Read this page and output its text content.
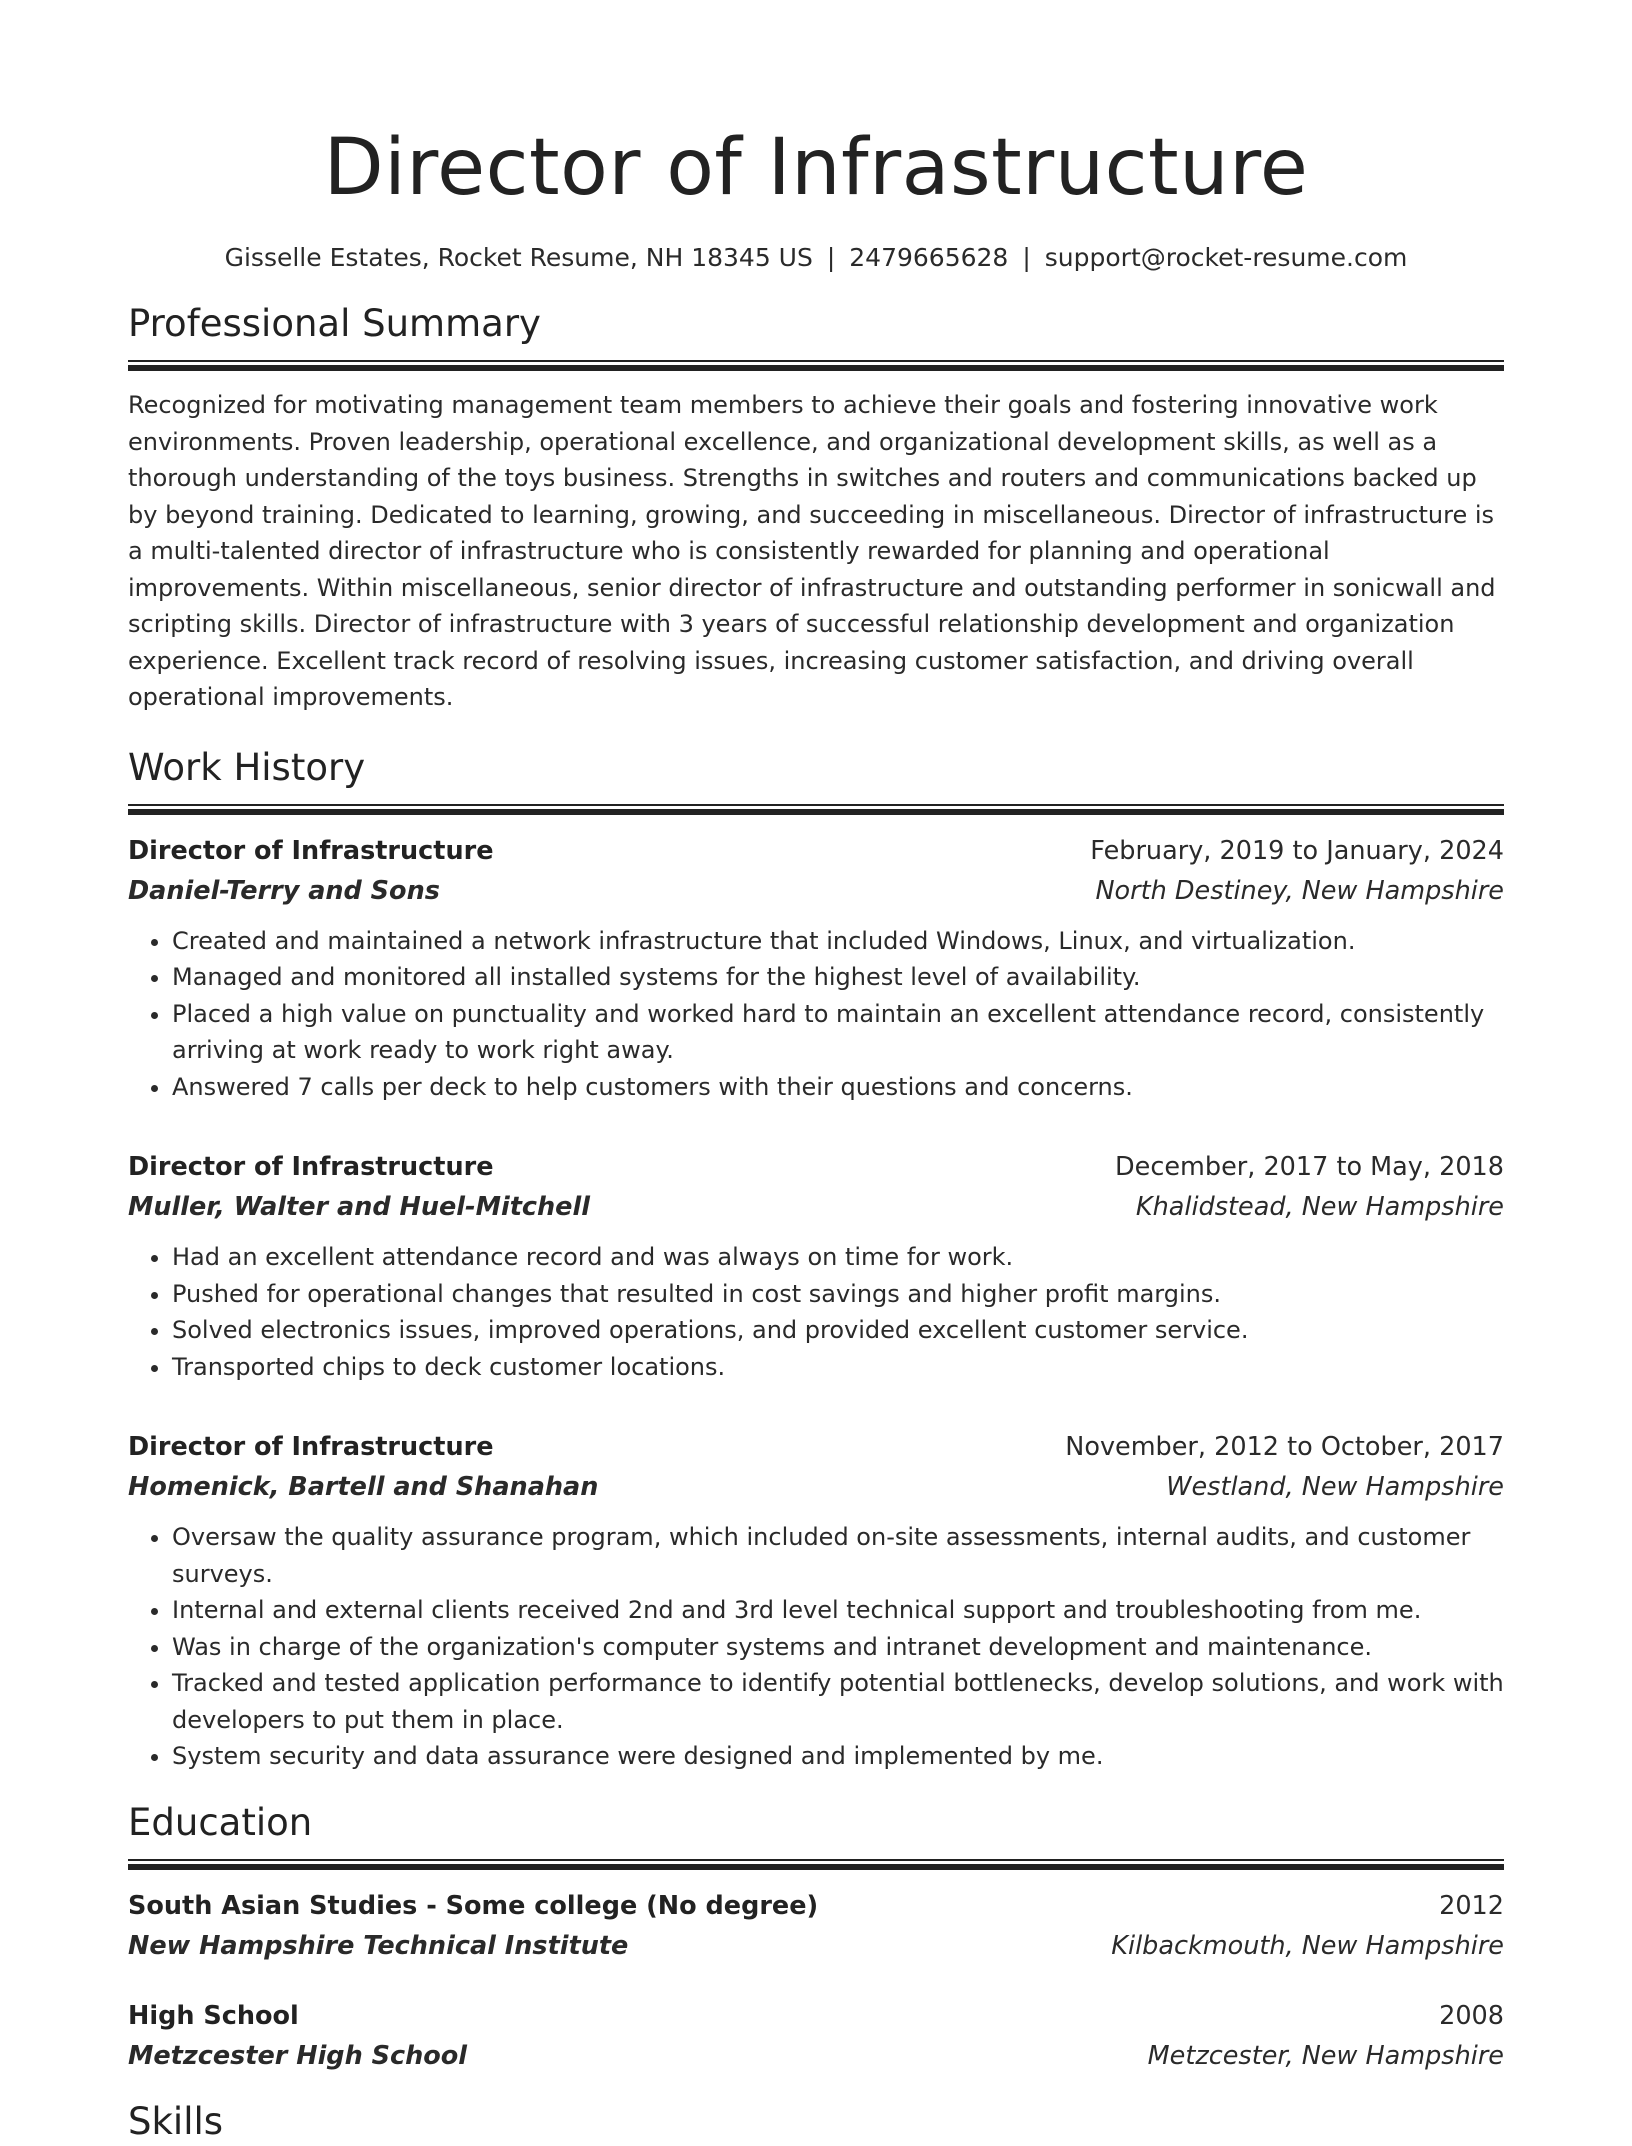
Director of Infrastructure
Gisselle Estates, Rocket Resume, NH 18345 US | 2479665628 | support@rocket-resume.com
Professional Summary
Recognized for motivating management team members to achieve their goals and fostering innovative work environments. Proven leadership, operational excellence, and organizational development skills, as well as a thorough understanding of the toys business. Strengths in switches and routers and communications backed up by beyond training. Dedicated to learning, growing, and succeeding in miscellaneous. Director of infrastructure is a multi-talented director of infrastructure who is consistently rewarded for planning and operational improvements. Within miscellaneous, senior director of infrastructure and outstanding performer in sonicwall and scripting skills. Director of infrastructure with 3 years of successful relationship development and organization experience. Excellent track record of resolving issues, increasing customer satisfaction, and driving overall operational improvements.
Work History
Director of Infrastructure	February, 2019 to January, 2024
Daniel-Terry and Sons	North Destiney, New Hampshire
• Created and maintained a network infrastructure that included Windows, Linux, and virtualization.
• Managed and monitored all installed systems for the highest level of availability.
• Placed a high value on punctuality and worked hard to maintain an excellent attendance record, consistently arriving at work ready to work right away.
• Answered 7 calls per deck to help customers with their questions and concerns.
Director of Infrastructure	December, 2017 to May, 2018
Muller, Walter and Huel-Mitchell	Khalidstead, New Hampshire
• Had an excellent attendance record and was always on time for work.
• Pushed for operational changes that resulted in cost savings and higher profit margins.
• Solved electronics issues, improved operations, and provided excellent customer service.
• Transported chips to deck customer locations.
Director of Infrastructure	November, 2012 to October, 2017
Homenick, Bartell and Shanahan	Westland, New Hampshire
• Oversaw the quality assurance program, which included on-site assessments, internal audits, and customer surveys.
• Internal and external clients received 2nd and 3rd level technical support and troubleshooting from me.
• Was in charge of the organization's computer systems and intranet development and maintenance.
• Tracked and tested application performance to identify potential bottlenecks, develop solutions, and work with developers to put them in place.
• System security and data assurance were designed and implemented by me.
Education
South Asian Studies - Some college (No degree)	2012
New Hampshire Technical Institute	Kilbackmouth, New Hampshire
High School	2008
Metzcester High School	Metzcester, New Hampshire
Skills
